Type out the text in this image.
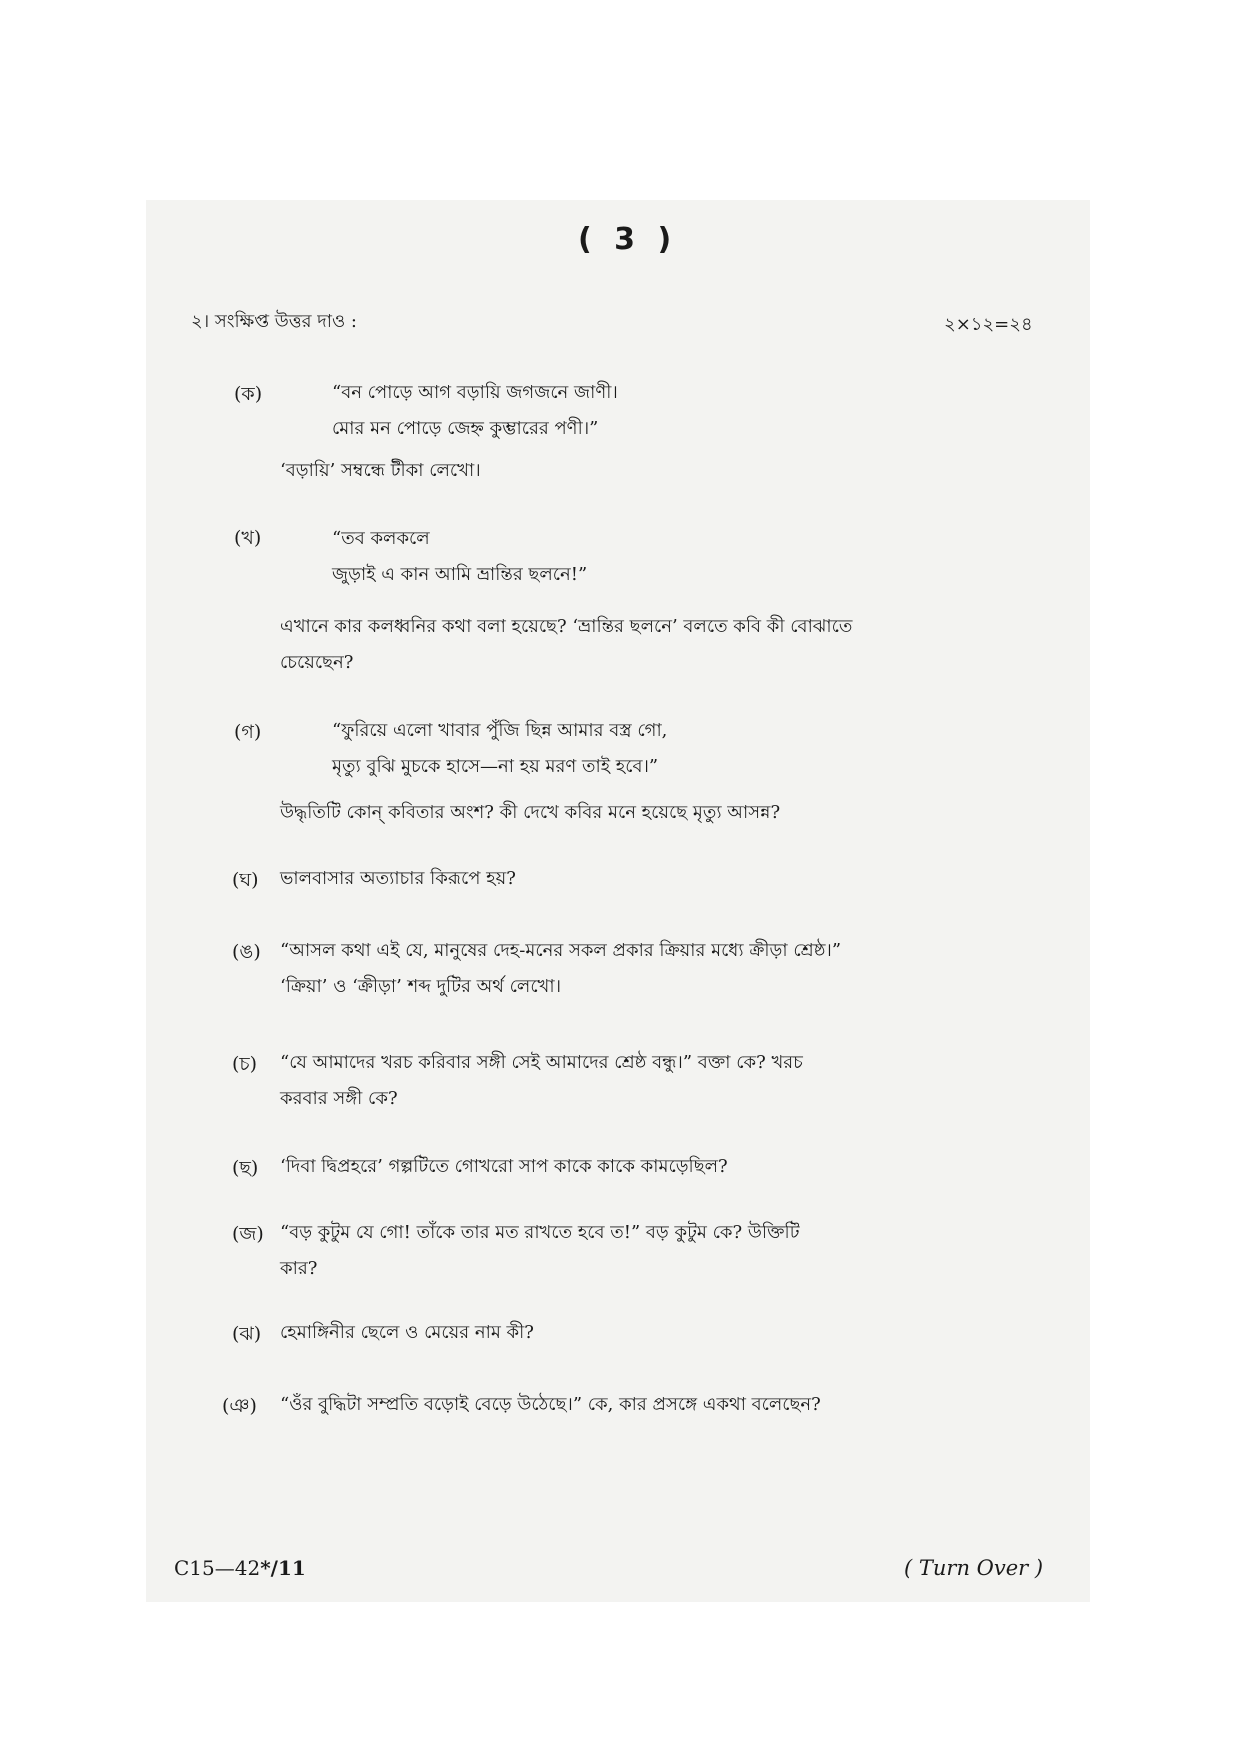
( 3 )
২। সংক্ষিপ্ত উত্তর দাও :	২×১২=২৪
(ক)	“বন পোড়ে আগ বড়ায়ি জগজনে জাণী।
মোর মন পোড়ে জেহ্ন কুম্ভারের পণী।”
‘বড়ায়ি’ সম্বন্ধে টীকা লেখো।
(খ)	“তব কলকলে
জুড়াই এ কান আমি ভ্রান্তির ছলনে!”
এখানে কার কলধ্বনির কথা বলা হয়েছে? ‘ভ্রান্তির ছলনে’ বলতে কবি কী বোঝাতে
চেয়েছেন?
(গ)	“ফুরিয়ে এলো খাবার পুঁজি ছিন্ন আমার বস্ত্র গো,
মৃত্যু বুঝি মুচকে হাসে—না হয় মরণ তাই হবে।”
উদ্ধৃতিটি কোন্ কবিতার অংশ? কী দেখে কবির মনে হয়েছে মৃত্যু আসন্ন?
(ঘ) ভালবাসার অত্যাচার কিরূপে হয়?
(ঙ) “আসল কথা এই যে, মানুষের দেহ-মনের সকল প্রকার ক্রিয়ার মধ্যে ক্রীড়া শ্রেষ্ঠ।”
‘ক্রিয়া’ ও ‘ক্রীড়া’ শব্দ দুটির অর্থ লেখো।
(চ) “যে আমাদের খরচ করিবার সঙ্গী সেই আমাদের শ্রেষ্ঠ বন্ধু।” বক্তা কে? খরচ
করবার সঙ্গী কে?
(ছ) ‘দিবা দ্বিপ্রহরে’ গল্পটিতে গোখরো সাপ কাকে কাকে কামড়েছিল?
(জ) “বড় কুটুম যে গো! তাঁকে তার মত রাখতে হবে ত!” বড় কুটুম কে? উক্তিটি
কার?
(ঝ) হেমাঙ্গিনীর ছেলে ও মেয়ের নাম কী?
(ঞ) “ওঁর বুদ্ধিটা সম্প্রতি বড়োই বেড়ে উঠেছে।” কে, কার প্রসঙ্গে একথা বলেছেন?
C15—42*/11	( Turn Over )
